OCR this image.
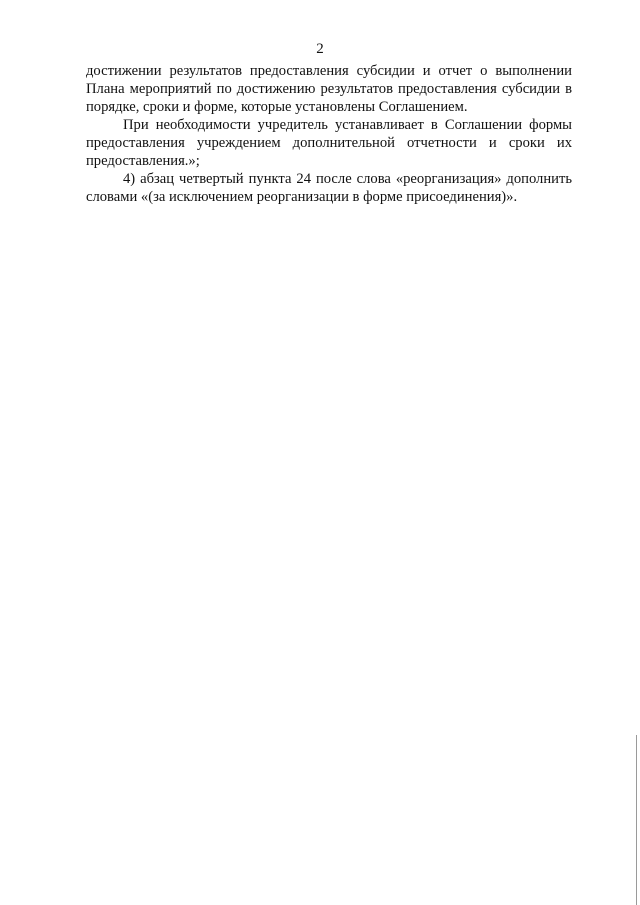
2

достижении результатов предоставления субсидии и отчет о выполнении Плана мероприятий по достижению результатов предоставления субсидии в порядке, сроки и форме, которые установлены Соглашением.

При необходимости учредитель устанавливает в Соглашении формы предоставления учреждением дополнительной отчетности и сроки их предоставления.»;

4) абзац четвертый пункта 24 после слова «реорганизация» дополнить словами «(за исключением реорганизации в форме присоединения)».
